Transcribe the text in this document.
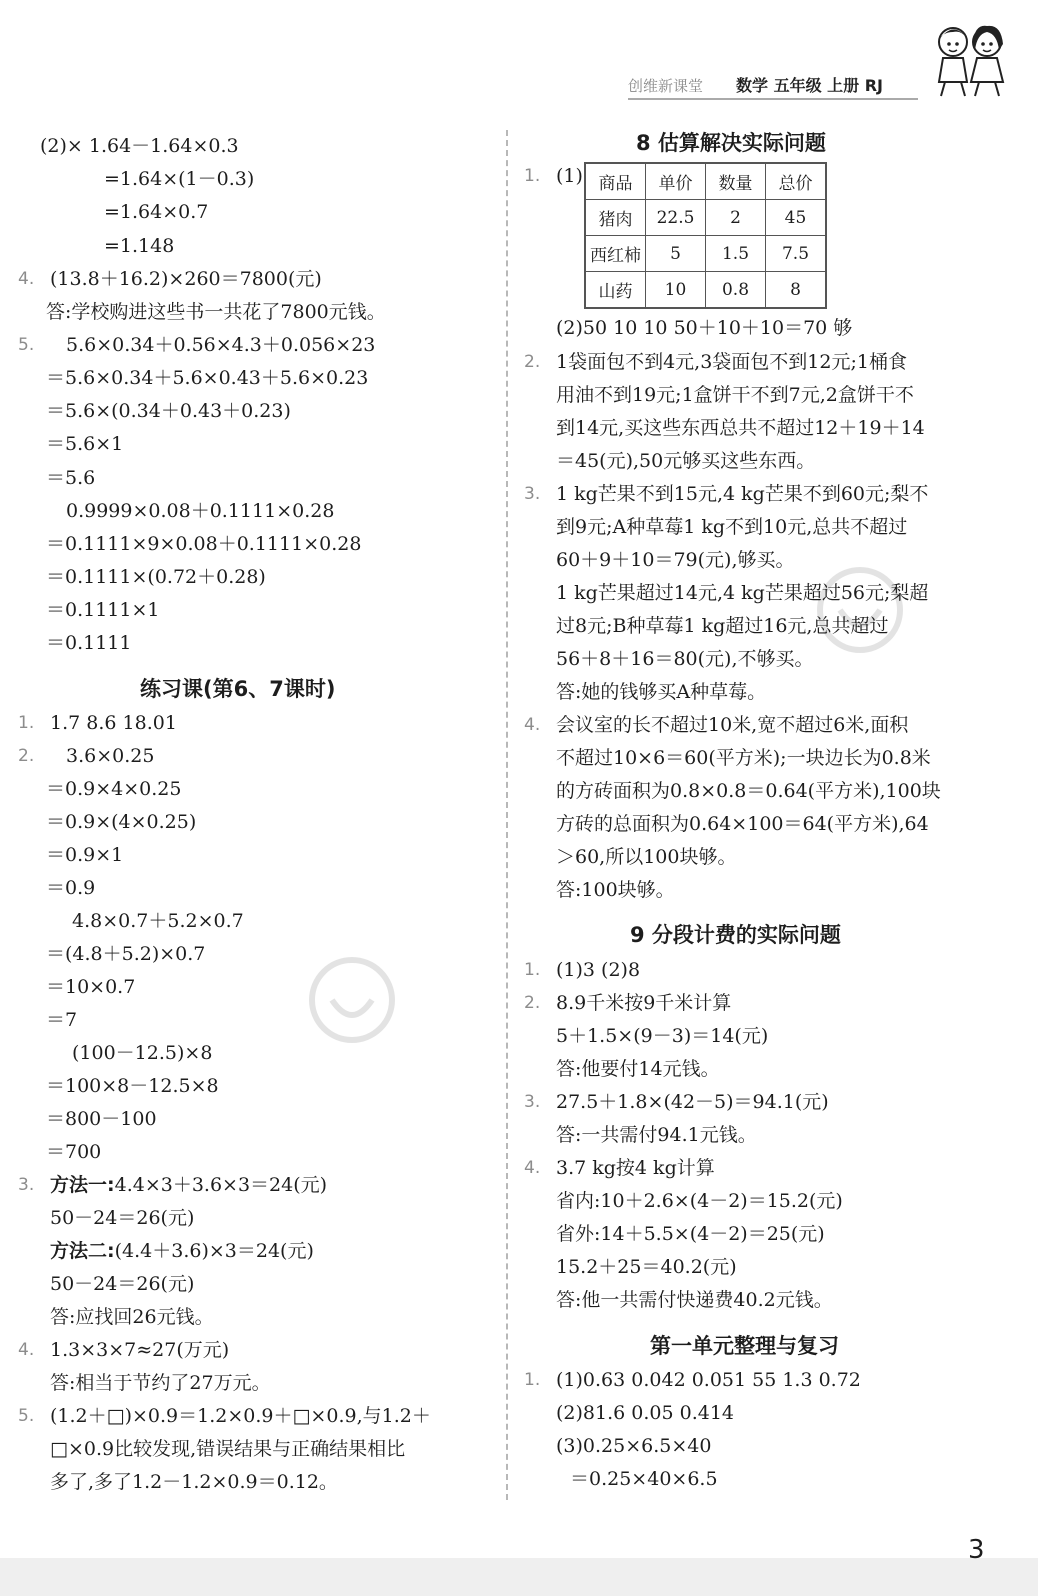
创维新课堂 数学 五年级 上册 RJ
(2)× 1.64－1.64×0.3
=1.64×(1－0.3)
=1.64×0.7
=1.148
4. (13.8＋16.2)×260＝7800(元)
答:学校购进这些书一共花了7800元钱。
5. 5.6×0.34＋0.56×4.3＋0.056×23
＝5.6×0.34＋5.6×0.43＋5.6×0.23
＝5.6×(0.34＋0.43＋0.23)
＝5.6×1
＝5.6
0.9999×0.08＋0.1111×0.28
＝0.1111×9×0.08＋0.1111×0.28
＝0.1111×(0.72＋0.28)
＝0.1111×1
＝0.1111
1. 1.7 8.6 18.01
2. 3.6×0.25
＝0.9×4×0.25
＝0.9×(4×0.25)
＝0.9×1
＝0.9
4.8×0.7＋5.2×0.7
＝(4.8＋5.2)×0.7
＝10×0.7
＝7
(100－12.5)×8
＝100×8－12.5×8
＝800－100
＝700
3. 方法一:4.4×3＋3.6×3＝24(元)
50－24＝26(元)
方法二:(4.4＋3.6)×3＝24(元)
50－24＝26(元)
答:应找回26元钱。
4. 1.3×3×7≈27(万元)
答:相当于节约了27万元。
5. (1.2＋□)×0.9＝1.2×0.9＋□×0.9,与1.2＋
□×0.9比较发现,错误结果与正确结果相比
多了,多了1.2－1.2×0.9＝0.12。
练习课(第6、7课时)
1. (1)
(2)50 10 10 50＋10＋10＝70 够
2. 1袋面包不到4元,3袋面包不到12元;1桶食
用油不到19元;1盒饼干不到7元,2盒饼干不
到14元,买这些东西总共不超过12＋19＋14
＝45(元),50元够买这些东西。
3. 1 kg芒果不到15元,4 kg芒果不到60元;梨不
到9元;A种草莓1 kg不到10元,总共不超过
60＋9＋10＝79(元),够买。
1 kg芒果超过14元,4 kg芒果超过56元;梨超
过8元;B种草莓1 kg超过16元,总共超过
56＋8＋16＝80(元),不够买。
答:她的钱够买A种草莓。
4. 会议室的长不超过10米,宽不超过6米,面积
不超过10×6＝60(平方米);一块边长为0.8米
的方砖面积为0.8×0.8＝0.64(平方米),100块
方砖的总面积为0.64×100＝64(平方米),64
＞60,所以100块够。
答:100块够。
1. (1)3 (2)8
2. 8.9千米按9千米计算
5＋1.5×(9－3)＝14(元)
答:他要付14元钱。
3. 27.5＋1.8×(42－5)＝94.1(元)
答:一共需付94.1元钱。
4. 3.7 kg按4 kg计算
省内:10＋2.6×(4－2)＝15.2(元)
省外:14＋5.5×(4－2)＝25(元)
15.2＋25＝40.2(元)
答:他一共需付快递费40.2元钱。
1. (1)0.63 0.042 0.051 55 1.3 0.72
(2)81.6 0.05 0.414
(3)0.25×6.5×40
＝0.25×40×6.5
8 估算解决实际问题
9 分段计费的实际问题
第一单元整理与复习
商品	单价	数量	总价
猪肉	22.5	2	45
西红柿	5	1.5	7.5
山药	10	0.8	8
3
